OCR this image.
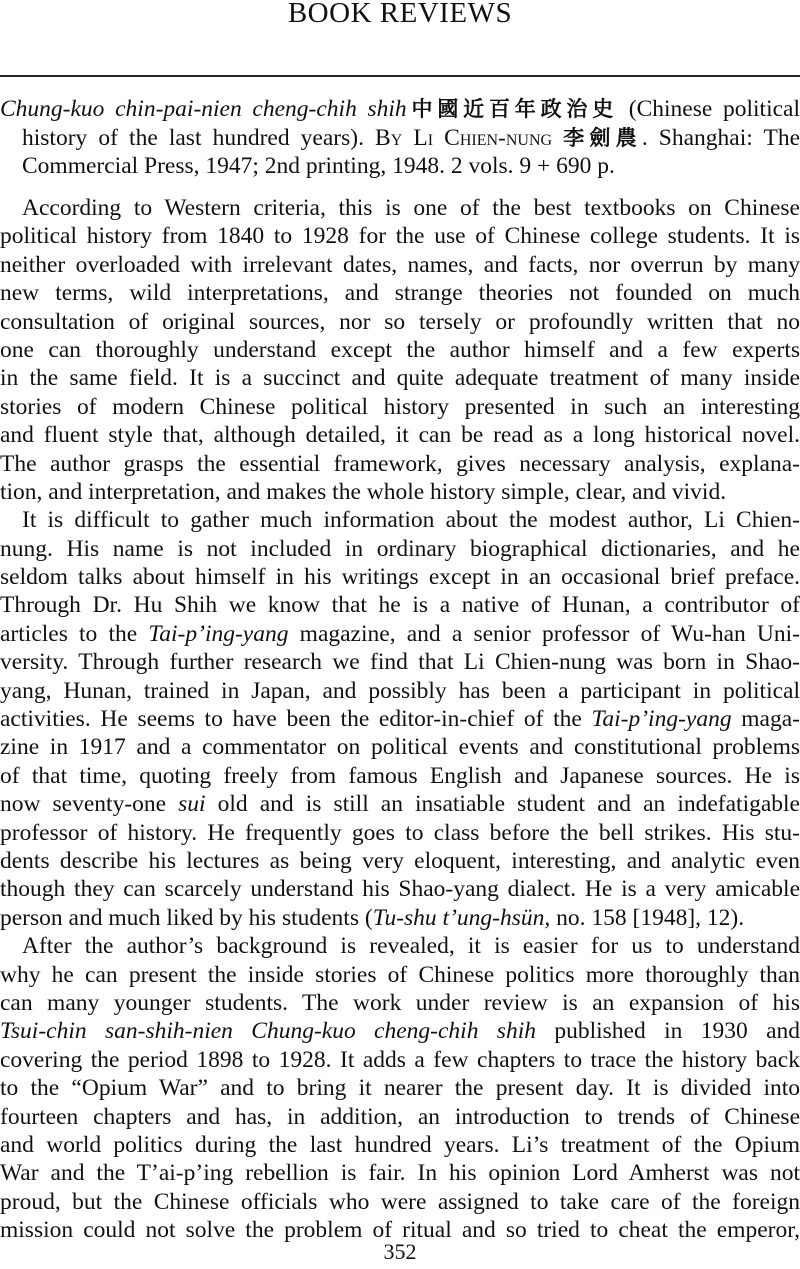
BOOK REVIEWS
Chung-kuo chin-pai-nien cheng-chih shih中國近百年政治史 (Chinese political
history of the last hundred years). By Li Chien-nung 李劍農. Shanghai: The
Commercial Press, 1947; 2nd printing, 1948. 2 vols. 9 + 690 p.
According to Western criteria, this is one of the best textbooks on Chinese
political history from 1840 to 1928 for the use of Chinese college students. It is
neither overloaded with irrelevant dates, names, and facts, nor overrun by many
new terms, wild interpretations, and strange theories not founded on much
consultation of original sources, nor so tersely or profoundly written that no
one can thoroughly understand except the author himself and a few experts
in the same field. It is a succinct and quite adequate treatment of many inside
stories of modern Chinese political history presented in such an interesting
and fluent style that, although detailed, it can be read as a long historical novel.
The author grasps the essential framework, gives necessary analysis, explana-
tion, and interpretation, and makes the whole history simple, clear, and vivid.
It is difficult to gather much information about the modest author, Li Chien-
nung. His name is not included in ordinary biographical dictionaries, and he
seldom talks about himself in his writings except in an occasional brief preface.
Through Dr. Hu Shih we know that he is a native of Hunan, a contributor of
articles to the Tai-p’ing-yang magazine, and a senior professor of Wu-han Uni-
versity. Through further research we find that Li Chien-nung was born in Shao-
yang, Hunan, trained in Japan, and possibly has been a participant in political
activities. He seems to have been the editor-in-chief of the Tai-p’ing-yang maga-
zine in 1917 and a commentator on political events and constitutional problems
of that time, quoting freely from famous English and Japanese sources. He is
now seventy-one sui old and is still an insatiable student and an indefatigable
professor of history. He frequently goes to class before the bell strikes. His stu-
dents describe his lectures as being very eloquent, interesting, and analytic even
though they can scarcely understand his Shao-yang dialect. He is a very amicable
person and much liked by his students (Tu-shu t’ung-hsün, no. 158 [1948], 12).
After the author’s background is revealed, it is easier for us to understand
why he can present the inside stories of Chinese politics more thoroughly than
can many younger students. The work under review is an expansion of his
Tsui-chin san-shih-nien Chung-kuo cheng-chih shih published in 1930 and
covering the period 1898 to 1928. It adds a few chapters to trace the history back
to the “Opium War” and to bring it nearer the present day. It is divided into
fourteen chapters and has, in addition, an introduction to trends of Chinese
and world politics during the last hundred years. Li’s treatment of the Opium
War and the T’ai-p’ing rebellion is fair. In his opinion Lord Amherst was not
proud, but the Chinese officials who were assigned to take care of the foreign
mission could not solve the problem of ritual and so tried to cheat the emperor,
352
